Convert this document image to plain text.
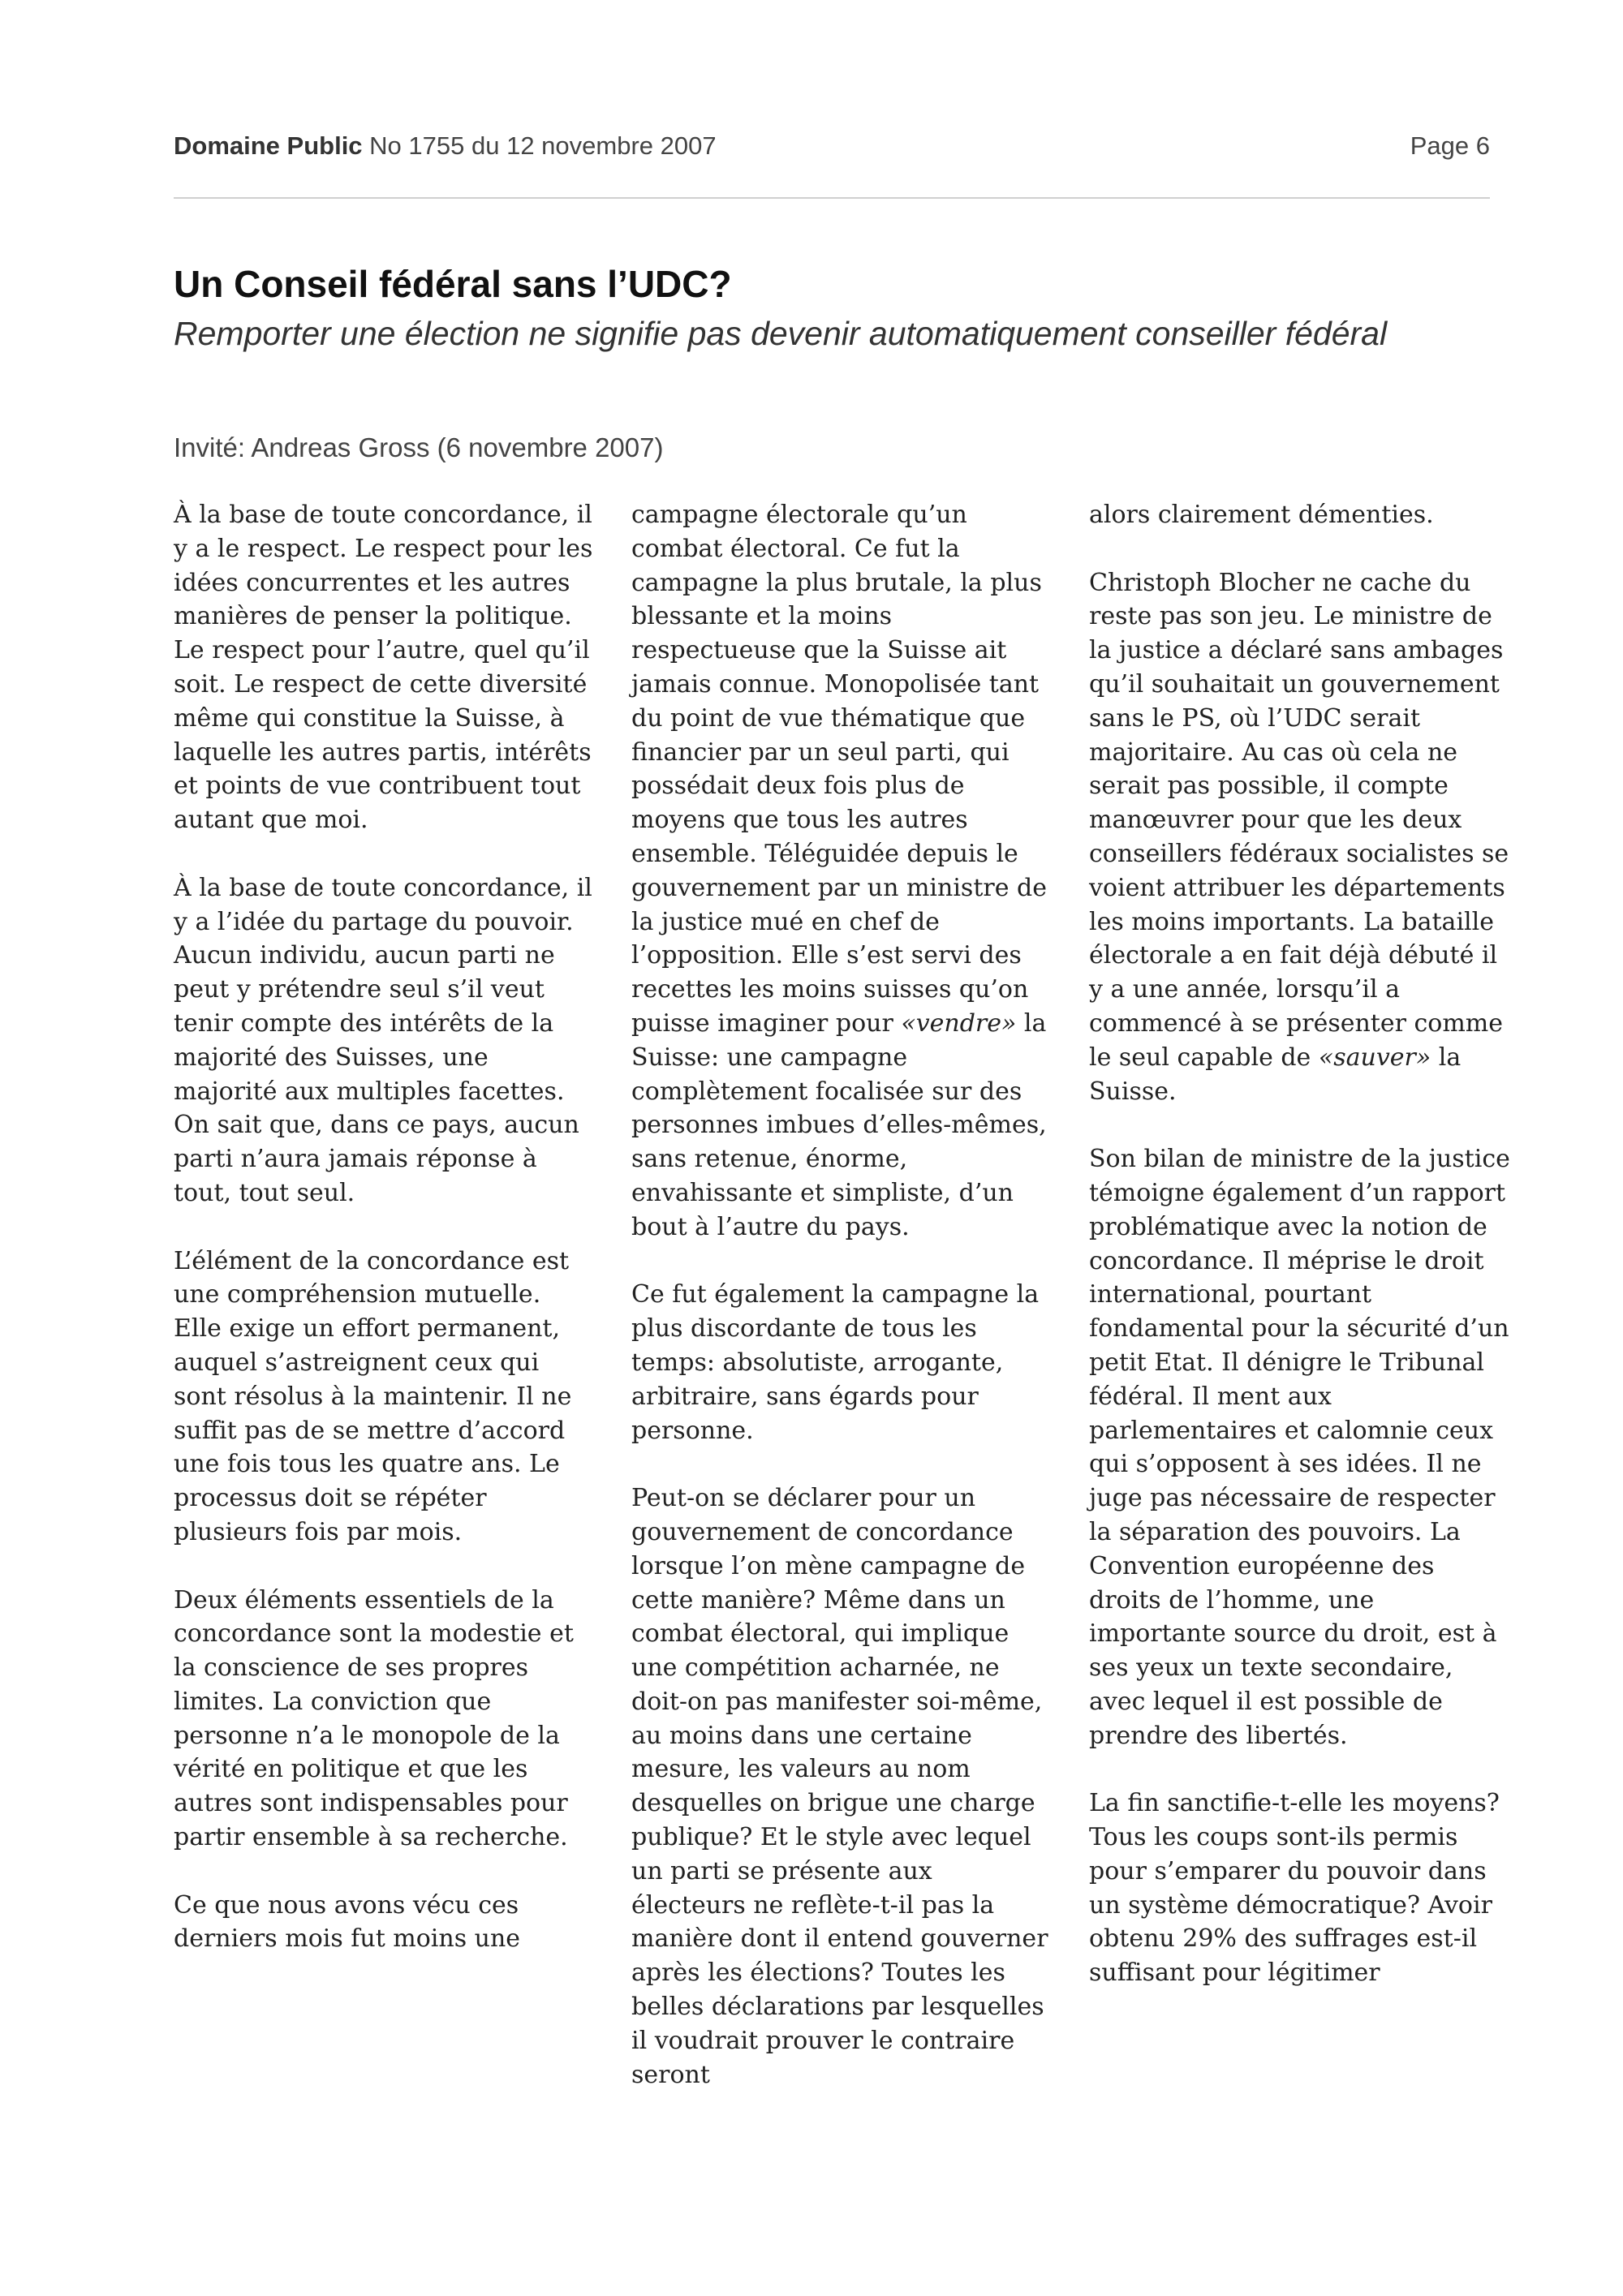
Domaine Public No 1755 du 12 novembre 2007	Page 6
Un Conseil fédéral sans l’UDC?

Remporter une élection ne signifie pas devenir automatiquement conseiller fédéral

Invité: Andreas Gross (6 novembre 2007)

À la base de toute concordance, il y a le respect. Le respect pour les idées concurrentes et les autres manières de penser la politique. Le respect pour l’autre, quel qu’il soit. Le respect de cette diversité même qui constitue la Suisse, à laquelle les autres partis, intérêts et points de vue contribuent tout autant que moi.

À la base de toute concordance, il y a l’idée du partage du pouvoir. Aucun individu, aucun parti ne peut y prétendre seul s’il veut tenir compte des intérêts de la majorité des Suisses, une majorité aux multiples facettes. On sait que, dans ce pays, aucun parti n’aura jamais réponse à tout, tout seul.

L’élément de la concordance est une compréhension mutuelle. Elle exige un effort permanent, auquel s’astreignent ceux qui sont résolus à la maintenir. Il ne suffit pas de se mettre d’accord une fois tous les quatre ans. Le processus doit se répéter plusieurs fois par mois.

Deux éléments essentiels de la concordance sont la modestie et la conscience de ses propres limites. La conviction que personne n’a le monopole de la vérité en politique et que les autres sont indispensables pour partir ensemble à sa recherche.

Ce que nous avons vécu ces derniers mois fut moins une

campagne électorale qu’un combat électoral. Ce fut la campagne la plus brutale, la plus blessante et la moins respectueuse que la Suisse ait jamais connue. Monopolisée tant du point de vue thématique que financier par un seul parti, qui possédait deux fois plus de moyens que tous les autres ensemble. Téléguidée depuis le gouvernement par un ministre de la justice mué en chef de l’opposition. Elle s’est servi des recettes les moins suisses qu’on puisse imaginer pour «vendre» la Suisse: une campagne complètement focalisée sur des personnes imbues d’elles-mêmes, sans retenue, énorme, envahissante et simpliste, d’un bout à l’autre du pays.

Ce fut également la campagne la plus discordante de tous les temps: absolutiste, arrogante, arbitraire, sans égards pour personne.

Peut-on se déclarer pour un gouvernement de concordance lorsque l’on mène campagne de cette manière? Même dans un combat électoral, qui implique une compétition acharnée, ne doit-on pas manifester soi-même, au moins dans une certaine mesure, les valeurs au nom desquelles on brigue une charge publique? Et le style avec lequel un parti se présente aux électeurs ne reflète-t-il pas la manière dont il entend gouverner après les élections? Toutes les belles déclarations par lesquelles il voudrait prouver le contraire seront

alors clairement démenties.

Christoph Blocher ne cache du reste pas son jeu. Le ministre de la justice a déclaré sans ambages qu’il souhaitait un gouvernement sans le PS, où l’UDC serait majoritaire. Au cas où cela ne serait pas possible, il compte manœuvrer pour que les deux conseillers fédéraux socialistes se voient attribuer les départements les moins importants. La bataille électorale a en fait déjà débuté il y a une année, lorsqu’il a commencé à se présenter comme le seul capable de «sauver» la Suisse.

Son bilan de ministre de la justice témoigne également d’un rapport problématique avec la notion de concordance. Il méprise le droit international, pourtant fondamental pour la sécurité d’un petit Etat. Il dénigre le Tribunal fédéral. Il ment aux parlementaires et calomnie ceux qui s’opposent à ses idées. Il ne juge pas nécessaire de respecter la séparation des pouvoirs. La Convention européenne des droits de l’homme, une importante source du droit, est à ses yeux un texte secondaire, avec lequel il est possible de prendre des libertés.

La fin sanctifie-t-elle les moyens? Tous les coups sont-ils permis pour s’emparer du pouvoir dans un système démocratique? Avoir obtenu 29% des suffrages est-il suffisant pour légitimer
